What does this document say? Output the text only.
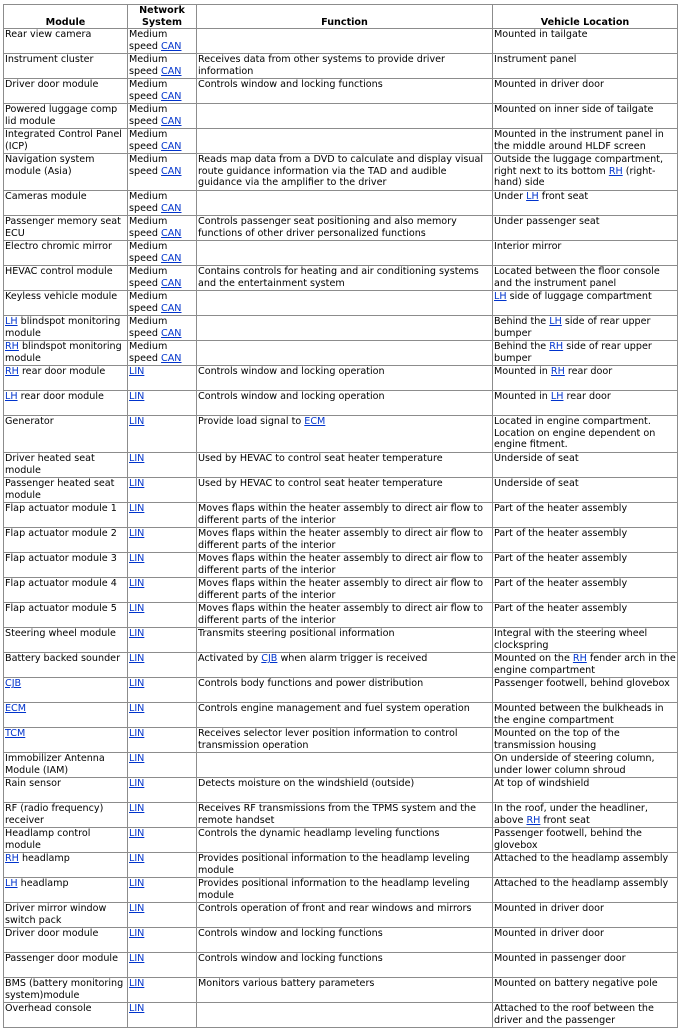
Module	Network System	Function	Vehicle Location
Rear view camera	Medium speed CAN		Mounted in tailgate
Instrument cluster	Medium speed CAN	Receives data from other systems to provide driver information	Instrument panel
Driver door module	Medium speed CAN	Controls window and locking functions	Mounted in driver door
Powered luggage comp lid module	Medium speed CAN		Mounted on inner side of tailgate
Integrated Control Panel (ICP)	Medium speed CAN		Mounted in the instrument panel in the middle around HLDF screen
Navigation system module (Asia)	Medium speed CAN	Reads map data from a DVD to calculate and display visual route guidance information via the TAD and audible guidance via the amplifier to the driver	Outside the luggage compartment, right next to its bottom RH (right-hand) side
Cameras module	Medium speed CAN		Under LH front seat
Passenger memory seat ECU	Medium speed CAN	Controls passenger seat positioning and also memory functions of other driver personalized functions	Under passenger seat
Electro chromic mirror	Medium speed CAN		Interior mirror
HEVAC control module	Medium speed CAN	Contains controls for heating and air conditioning systems and the entertainment system	Located between the floor console and the instrument panel
Keyless vehicle module	Medium speed CAN		LH side of luggage compartment
LH blindspot monitoring module	Medium speed CAN		Behind the LH side of rear upper bumper
RH blindspot monitoring module	Medium speed CAN		Behind the RH side of rear upper bumper
RH rear door module	LIN	Controls window and locking operation	Mounted in RH rear door
LH rear door module	LIN	Controls window and locking operation	Mounted in LH rear door
Generator	LIN	Provide load signal to ECM	Located in engine compartment. Location on engine dependent on engine fitment.
Driver heated seat module	LIN	Used by HEVAC to control seat heater temperature	Underside of seat
Passenger heated seat module	LIN	Used by HEVAC to control seat heater temperature	Underside of seat
Flap actuator module 1	LIN	Moves flaps within the heater assembly to direct air flow to different parts of the interior	Part of the heater assembly
Flap actuator module 2	LIN	Moves flaps within the heater assembly to direct air flow to different parts of the interior	Part of the heater assembly
Flap actuator module 3	LIN	Moves flaps within the heater assembly to direct air flow to different parts of the interior	Part of the heater assembly
Flap actuator module 4	LIN	Moves flaps within the heater assembly to direct air flow to different parts of the interior	Part of the heater assembly
Flap actuator module 5	LIN	Moves flaps within the heater assembly to direct air flow to different parts of the interior	Part of the heater assembly
Steering wheel module	LIN	Transmits steering positional information	Integral with the steering wheel clockspring
Battery backed sounder	LIN	Activated by CJB when alarm trigger is received	Mounted on the RH fender arch in the engine compartment
CJB	LIN	Controls body functions and power distribution	Passenger footwell, behind glovebox
ECM	LIN	Controls engine management and fuel system operation	Mounted between the bulkheads in the engine compartment
TCM	LIN	Receives selector lever position information to control transmission operation	Mounted on the top of the transmission housing
Immobilizer Antenna Module (IAM)	LIN		On underside of steering column, under lower column shroud
Rain sensor	LIN	Detects moisture on the windshield (outside)	At top of windshield
RF (radio frequency) receiver	LIN	Receives RF transmissions from the TPMS system and the remote handset	In the roof, under the headliner, above RH front seat
Headlamp control module	LIN	Controls the dynamic headlamp leveling functions	Passenger footwell, behind the glovebox
RH headlamp	LIN	Provides positional information to the headlamp leveling module	Attached to the headlamp assembly
LH headlamp	LIN	Provides positional information to the headlamp leveling module	Attached to the headlamp assembly
Driver mirror window switch pack	LIN	Controls operation of front and rear windows and mirrors	Mounted in driver door
Driver door module	LIN	Controls window and locking functions	Mounted in driver door
Passenger door module	LIN	Controls window and locking functions	Mounted in passenger door
BMS (battery monitoring system)module	LIN	Monitors various battery parameters	Mounted on battery negative pole
Overhead console	LIN		Attached to the roof between the driver and the passenger
